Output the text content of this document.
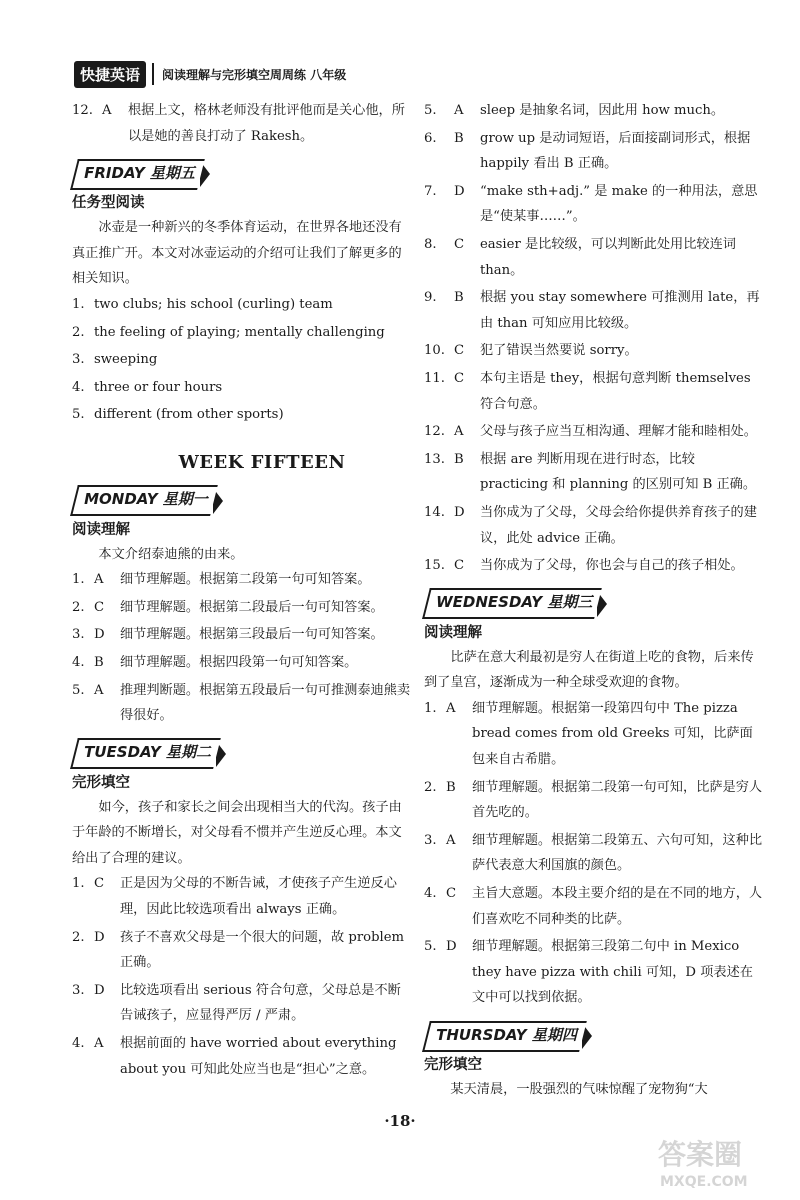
快捷英语	阅读理解与完形填空周周练 八年级
12. A	根据上文，格林老师没有批评他而是关心他，所以是她的善良打动了 Rakesh。
FRIDAY 星期五
任务型阅读

冰壶是一种新兴的冬季体育运动，在世界各地还没有真正推广开。本文对冰壶运动的介绍可让我们了解更多的相关知识。

1. two clubs; his school (curling) team
2. the feeling of playing; mentally challenging
3. sweeping
4. three or four hours
5. different (from other sports)
WEEK FIFTEEN
MONDAY 星期一
阅读理解

本文介绍泰迪熊的由来。

1. A	细节理解题。根据第二段第一句可知答案。
2. C	细节理解题。根据第二段最后一句可知答案。
3. D	细节理解题。根据第三段最后一句可知答案。
4. B	细节理解题。根据四段第一句可知答案。
5. A	推理判断题。根据第五段最后一句可推测泰迪熊卖得很好。
TUESDAY 星期二
完形填空

如今，孩子和家长之间会出现相当大的代沟。孩子由于年龄的不断增长，对父母看不惯并产生逆反心理。本文给出了合理的建议。

1. C	正是因为父母的不断告诫，才使孩子产生逆反心理，因此比较选项看出 always 正确。
2. D	孩子不喜欢父母是一个很大的问题，故 problem 正确。
3. D	比较选项看出 serious 符合句意，父母总是不断告诫孩子，应显得严厉 / 严肃。
4. A	根据前面的 have worried about everything about you 可知此处应当也是“担心”之意。
5.	A	sleep 是抽象名词，因此用 how much。
6.	B	grow up 是动词短语，后面接副词形式，根据 happily 看出 B 正确。
7.	D	“make sth+adj.” 是 make 的一种用法，意思是“使某事……”。
8.	C	easier 是比较级，可以判断此处用比较连词 than。
9.	B	根据 you stay somewhere 可推测用 late，再由 than 可知应用比较级。
10. C	犯了错误当然要说 sorry。
11. C	本句主语是 they，根据句意判断 themselves 符合句意。
12. A	父母与孩子应当互相沟通、理解才能和睦相处。
13. B	根据 are 判断用现在进行时态，比较 practicing 和 planning 的区别可知 B 正确。
14. D	当你成为了父母，父母会给你提供养育孩子的建议，此处 advice 正确。
15. C	当你成为了父母，你也会与自己的孩子相处。
WEDNESDAY 星期三
阅读理解

比萨在意大利最初是穷人在街道上吃的食物，后来传到了皇宫，逐渐成为一种全球受欢迎的食物。

1. A	细节理解题。根据第一段第四句中 The pizza bread comes from old Greeks 可知，比萨面包来自古希腊。
2. B	细节理解题。根据第二段第一句可知，比萨是穷人首先吃的。
3. A	细节理解题。根据第二段第五、六句可知，这种比萨代表意大利国旗的颜色。
4. C	主旨大意题。本段主要介绍的是在不同的地方，人们喜欢吃不同种类的比萨。
5. D	细节理解题。根据第三段第二句中 in Mexico they have pizza with chili 可知，D 项表述在文中可以找到依据。
THURSDAY 星期四
完形填空

某天清晨，一股强烈的气味惊醒了宠物狗“大

·18·
答案圈
MXQE.COM
